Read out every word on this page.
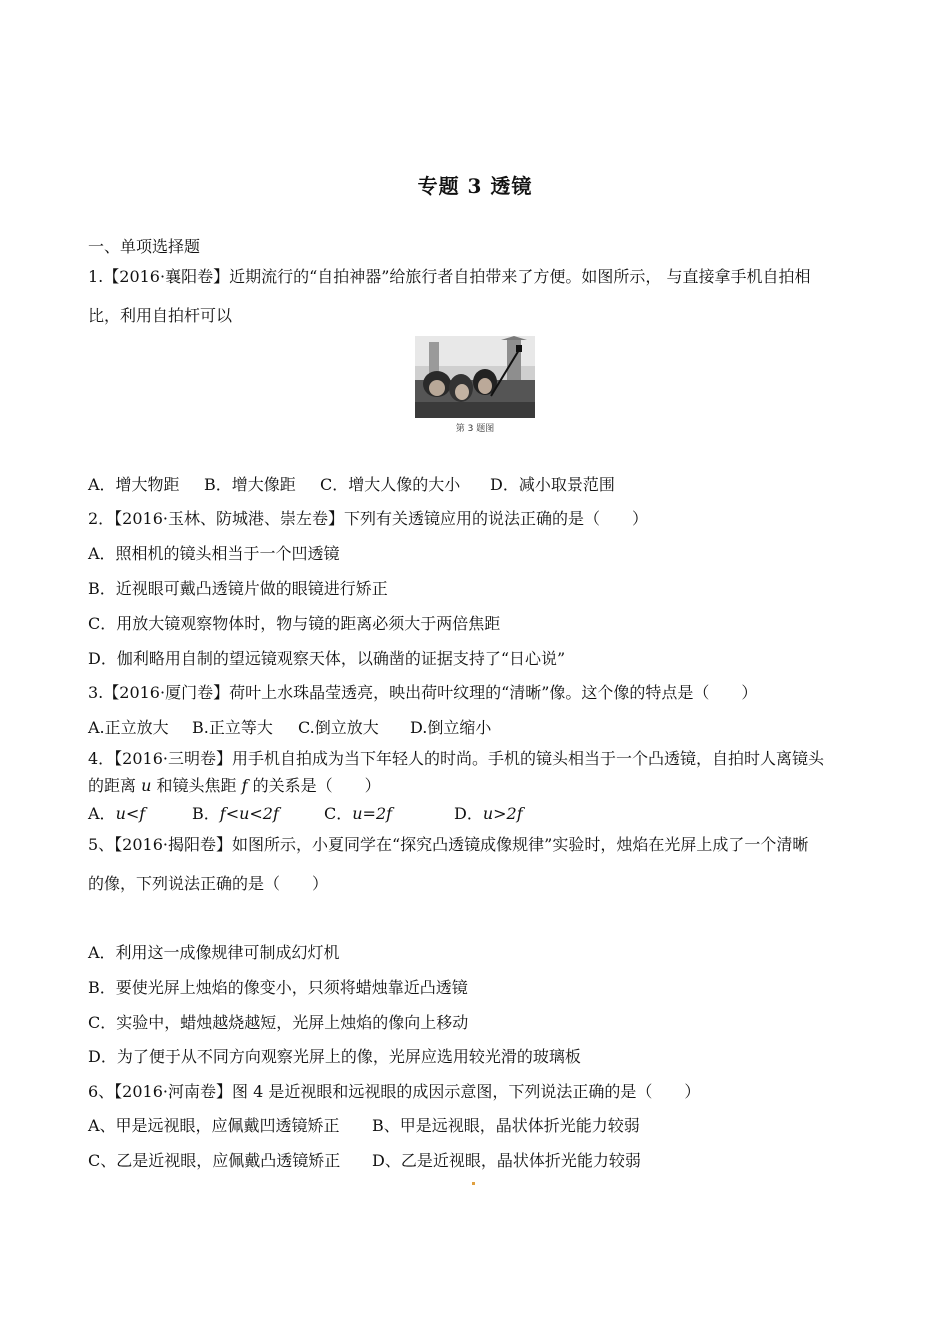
专题 3 透镜
一、单项选择题
1.【2016·襄阳卷】近期流行的“自拍神器”给旅行者自拍带来了方便。如图所示， 与直接拿手机自拍相
比，利用自拍杆可以
第 3 题图
A．增大物距 B．增大像距 C．增大人像的大小 D．减小取景范围
2．【2016·玉林、防城港、崇左卷】下列有关透镜应用的说法正确的是（　　）
A．照相机的镜头相当于一个凹透镜
B．近视眼可戴凸透镜片做的眼镜进行矫正
C．用放大镜观察物体时，物与镜的距离必须大于两倍焦距
D．伽利略用自制的望远镜观察天体，以确凿的证据支持了“日心说”
3.【2016·厦门卷】荷叶上水珠晶莹透亮，映出荷叶纹理的“清晰”像。这个像的特点是（　　）
A.正立放大 B.正立等大 C.倒立放大 D.倒立缩小
4．【2016·三明卷】用手机自拍成为当下年轻人的时尚。手机的镜头相当于一个凸透镜，自拍时人离镜头
的距离 u 和镜头焦距 f 的关系是（　　）
A．u<f	B．f<u<2f	C．u=2f	D．u>2f
5、【2016·揭阳卷】如图所示，小夏同学在“探究凸透镜成像规律”实验时，烛焰在光屏上成了一个清晰
的像，下列说法正确的是（　　）
A．利用这一成像规律可制成幻灯机
B．要使光屏上烛焰的像变小，只须将蜡烛靠近凸透镜
C．实验中，蜡烛越烧越短，光屏上烛焰的像向上移动
D．为了便于从不同方向观察光屏上的像，光屏应选用较光滑的玻璃板
6、【2016·河南卷】图 4 是近视眼和远视眼的成因示意图，下列说法正确的是（　　）
A、甲是远视眼，应佩戴凹透镜矫正 B、甲是远视眼，晶状体折光能力较弱
C、乙是近视眼，应佩戴凸透镜矫正 D、乙是近视眼，晶状体折光能力较弱
